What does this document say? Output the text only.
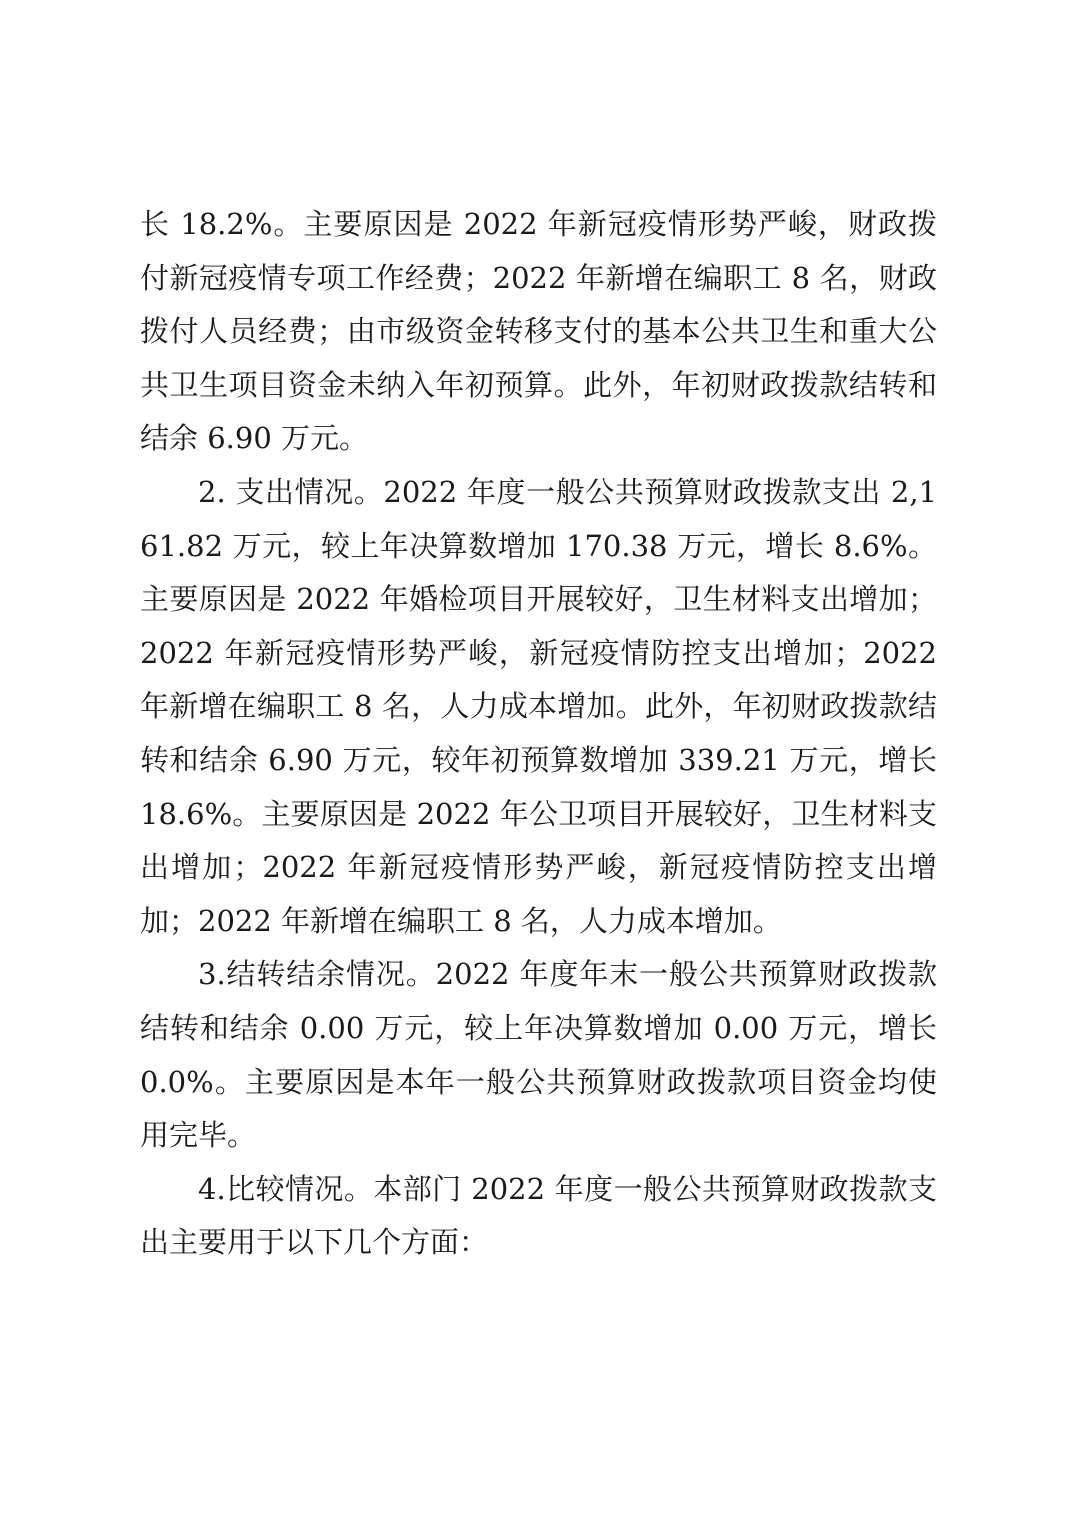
长 18.2%。主要原因是 2022 年新冠疫情形势严峻，财政拨付新冠疫情专项工作经费；2022 年新增在编职工 8 名，财政拨付人员经费；由市级资金转移支付的基本公共卫生和重大公共卫生项目资金未纳入年初预算。此外，年初财政拨款结转和结余 6.90 万元。

2. 支出情况。2022 年度一般公共预算财政拨款支出 2,161.82 万元，较上年决算数增加 170.38 万元，增长 8.6%。主要原因是 2022 年婚检项目开展较好，卫生材料支出增加；2022 年新冠疫情形势严峻，新冠疫情防控支出增加；2022 年新增在编职工 8 名，人力成本增加。此外，年初财政拨款结转和结余 6.90 万元，较年初预算数增加 339.21 万元，增长 18.6%。主要原因是 2022 年公卫项目开展较好，卫生材料支出增加；2022 年新冠疫情形势严峻，新冠疫情防控支出增加；2022 年新增在编职工 8 名，人力成本增加。

3.结转结余情况。2022 年度年末一般公共预算财政拨款结转和结余 0.00 万元，较上年决算数增加 0.00 万元，增长 0.0%。主要原因是本年一般公共预算财政拨款项目资金均使用完毕。

4.比较情况。本部门 2022 年度一般公共预算财政拨款支出主要用于以下几个方面：
